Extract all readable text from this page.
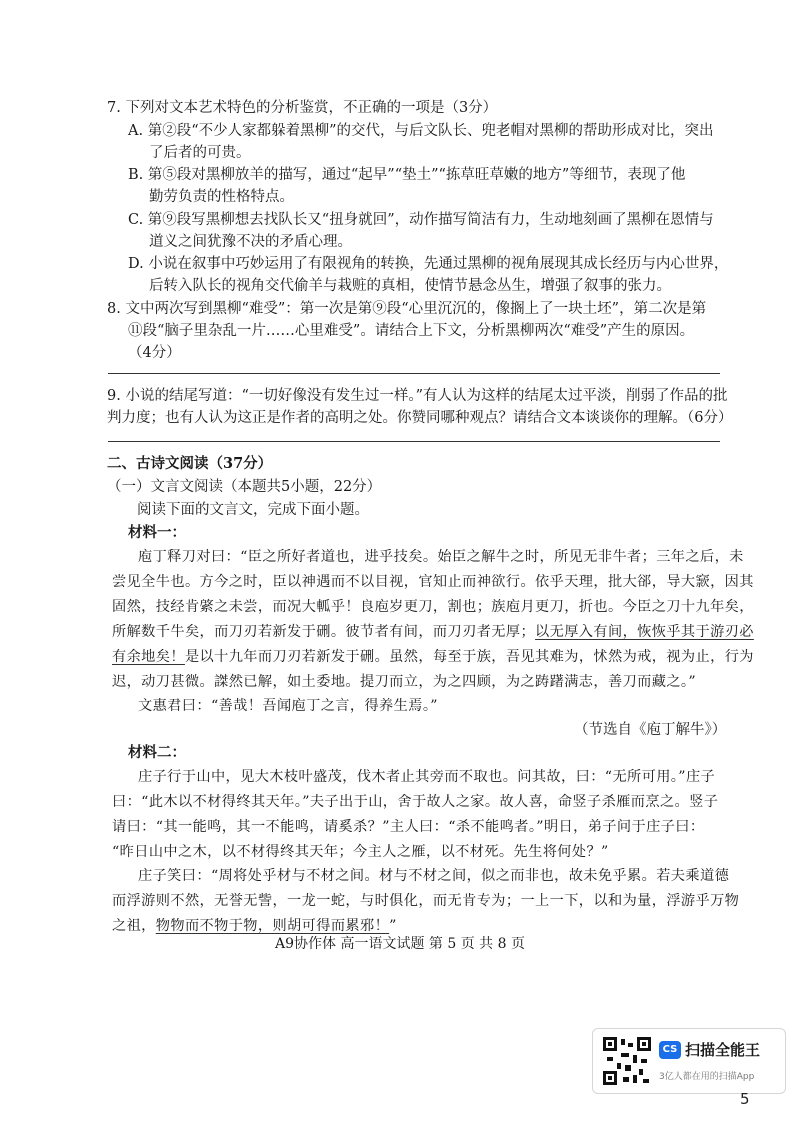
7. 下列对文本艺术特色的分析鉴赏，不正确的一项是（3分）
A. 第②段“不少人家都躲着黑柳”的交代，与后文队长、兜老帽对黑柳的帮助形成对比，突出
了后者的可贵。
B. 第⑤段对黑柳放羊的描写，通过“起早”“垫土”“拣草旺草嫩的地方”等细节，表现了他
勤劳负责的性格特点。
C. 第⑨段写黑柳想去找队长又“扭身就回”，动作描写简洁有力，生动地刻画了黑柳在恩情与
道义之间犹豫不决的矛盾心理。
D. 小说在叙事中巧妙运用了有限视角的转换，先通过黑柳的视角展现其成长经历与内心世界，
后转入队长的视角交代偷羊与栽赃的真相，使情节悬念丛生，增强了叙事的张力。
8. 文中两次写到黑柳“难受”：第一次是第⑨段“心里沉沉的，像搁上了一块土坯”，第二次是第
⑪段“脑子里杂乱一片……心里难受”。请结合上下文，分析黑柳两次“难受”产生的原因。
（4分）
9. 小说的结尾写道：“一切好像没有发生过一样。”有人认为这样的结尾太过平淡，削弱了作品的批
判力度；也有人认为这正是作者的高明之处。你赞同哪种观点？请结合文本谈谈你的理解。（6分）
二、古诗文阅读（37分）
（一）文言文阅读（本题共5小题，22分）
阅读下面的文言文，完成下面小题。
材料一：
庖丁释刀对曰：“臣之所好者道也，进乎技矣。始臣之解牛之时，所见无非牛者；三年之后，未
尝见全牛也。方今之时，臣以神遇而不以目视，官知止而神欲行。依乎天理，批大郤，导大窾，因其
固然，技经肯綮之未尝，而况大軱乎！良庖岁更刀，割也；族庖月更刀，折也。今臣之刀十九年矣，
所解数千牛矣，而刀刃若新发于硎。彼节者有间，而刀刃者无厚；以无厚入有间，恢恢乎其于游刃必
有余地矣！是以十九年而刀刃若新发于硎。虽然，每至于族，吾见其难为，怵然为戒，视为止，行为
迟，动刀甚微。謋然已解，如土委地。提刀而立，为之四顾，为之踌躇满志，善刀而藏之。”
文惠君曰：“善哉！吾闻庖丁之言，得养生焉。”
（节选自《庖丁解牛》）
材料二：
庄子行于山中，见大木枝叶盛茂，伐木者止其旁而不取也。问其故，曰：“无所可用。”庄子
曰：“此木以不材得终其天年。”夫子出于山，舍于故人之家。故人喜，命竖子杀雁而烹之。竖子
请曰：“其一能鸣，其一不能鸣，请奚杀？”主人曰：“杀不能鸣者。”明日，弟子问于庄子曰：
“昨日山中之木，以不材得终其天年；今主人之雁，以不材死。先生将何处？”
庄子笑曰：“周将处乎材与不材之间。材与不材之间，似之而非也，故未免乎累。若夫乘道德
而浮游则不然，无誉无訾，一龙一蛇，与时俱化，而无肯专为；一上一下，以和为量，浮游乎万物
之祖，物物而不物于物，则胡可得而累邪！”
A9协作体 高一语文试题 第 5 页 共 8 页
CS 扫描全能王
3亿人都在用的扫描App
5
